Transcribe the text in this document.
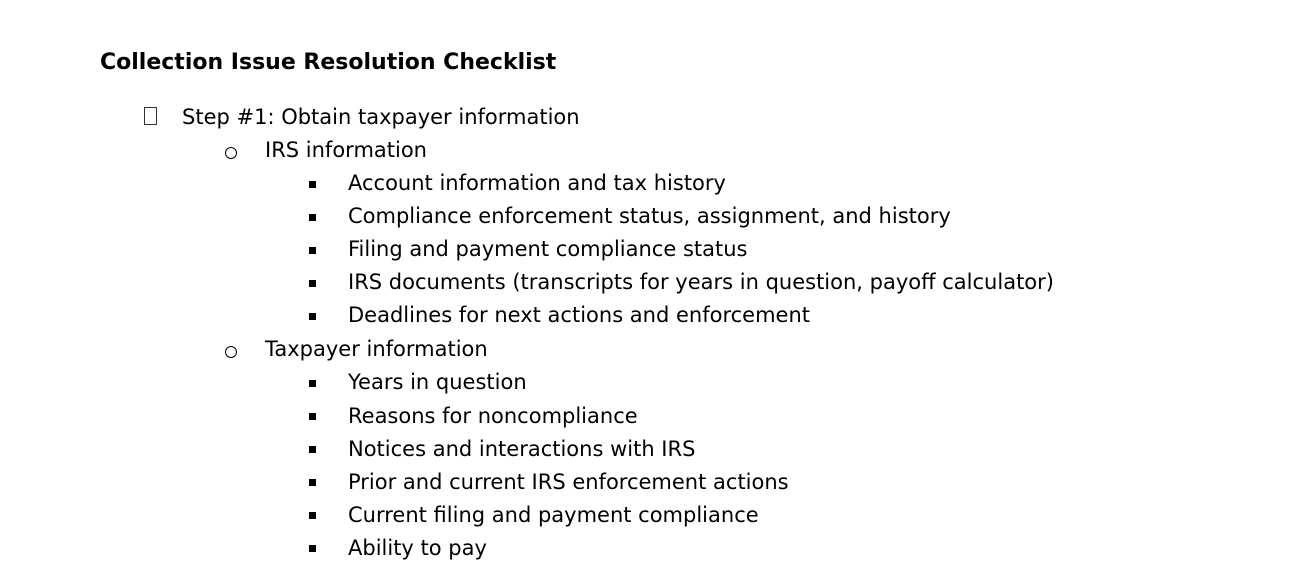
Collection Issue Resolution Checklist
Step #1: Obtain taxpayer information
IRS information
Account information and tax history
Compliance enforcement status, assignment, and history
Filing and payment compliance status
IRS documents (transcripts for years in question, payoff calculator)
Deadlines for next actions and enforcement
Taxpayer information
Years in question
Reasons for noncompliance
Notices and interactions with IRS
Prior and current IRS enforcement actions
Current filing and payment compliance
Ability to pay
